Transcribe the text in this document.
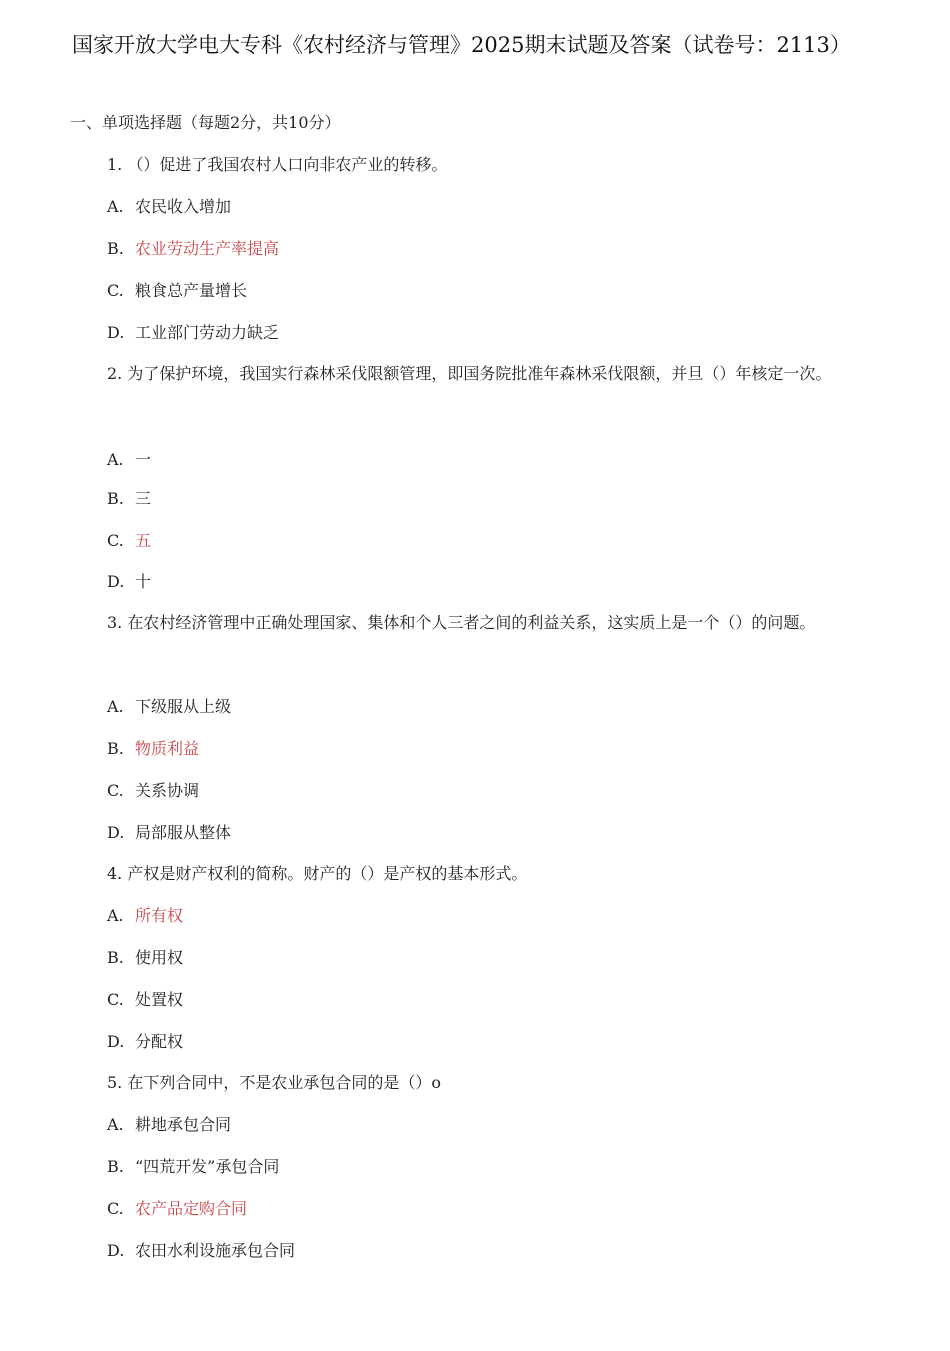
国家开放大学电大专科《农村经济与管理》2025期末试题及答案（试卷号：2113）
一、单项选择题（每题2分，共10分）
1. （）促进了我国农村人口向非农产业的转移。
A. 农民收入增加
B. 农业劳动生产率提高
C. 粮食总产量增长
D. 工业部门劳动力缺乏
2. 为了保护环境，我国实行森林采伐限额管理，即国务院批准年森林采伐限额，并旦（）年核定一次。
A. 一
B. 三
C. 五
D. 十
3. 在农村经济管理中正确处理国家、集体和个人三者之间的利益关系，这实质上是一个（）的问题。
A. 下级服从上级
B. 物质利益
C. 关系协调
D. 局部服从整体
4. 产权是财产权利的简称。财产的（）是产权的基本形式。
A. 所有权
B. 使用权
C. 处置权
D. 分配权
5. 在下列合同中，不是农业承包合同的是（）o
A. 耕地承包合同
B. “四荒开发”承包合同
C. 农产品定购合同
D. 农田水利设施承包合同
